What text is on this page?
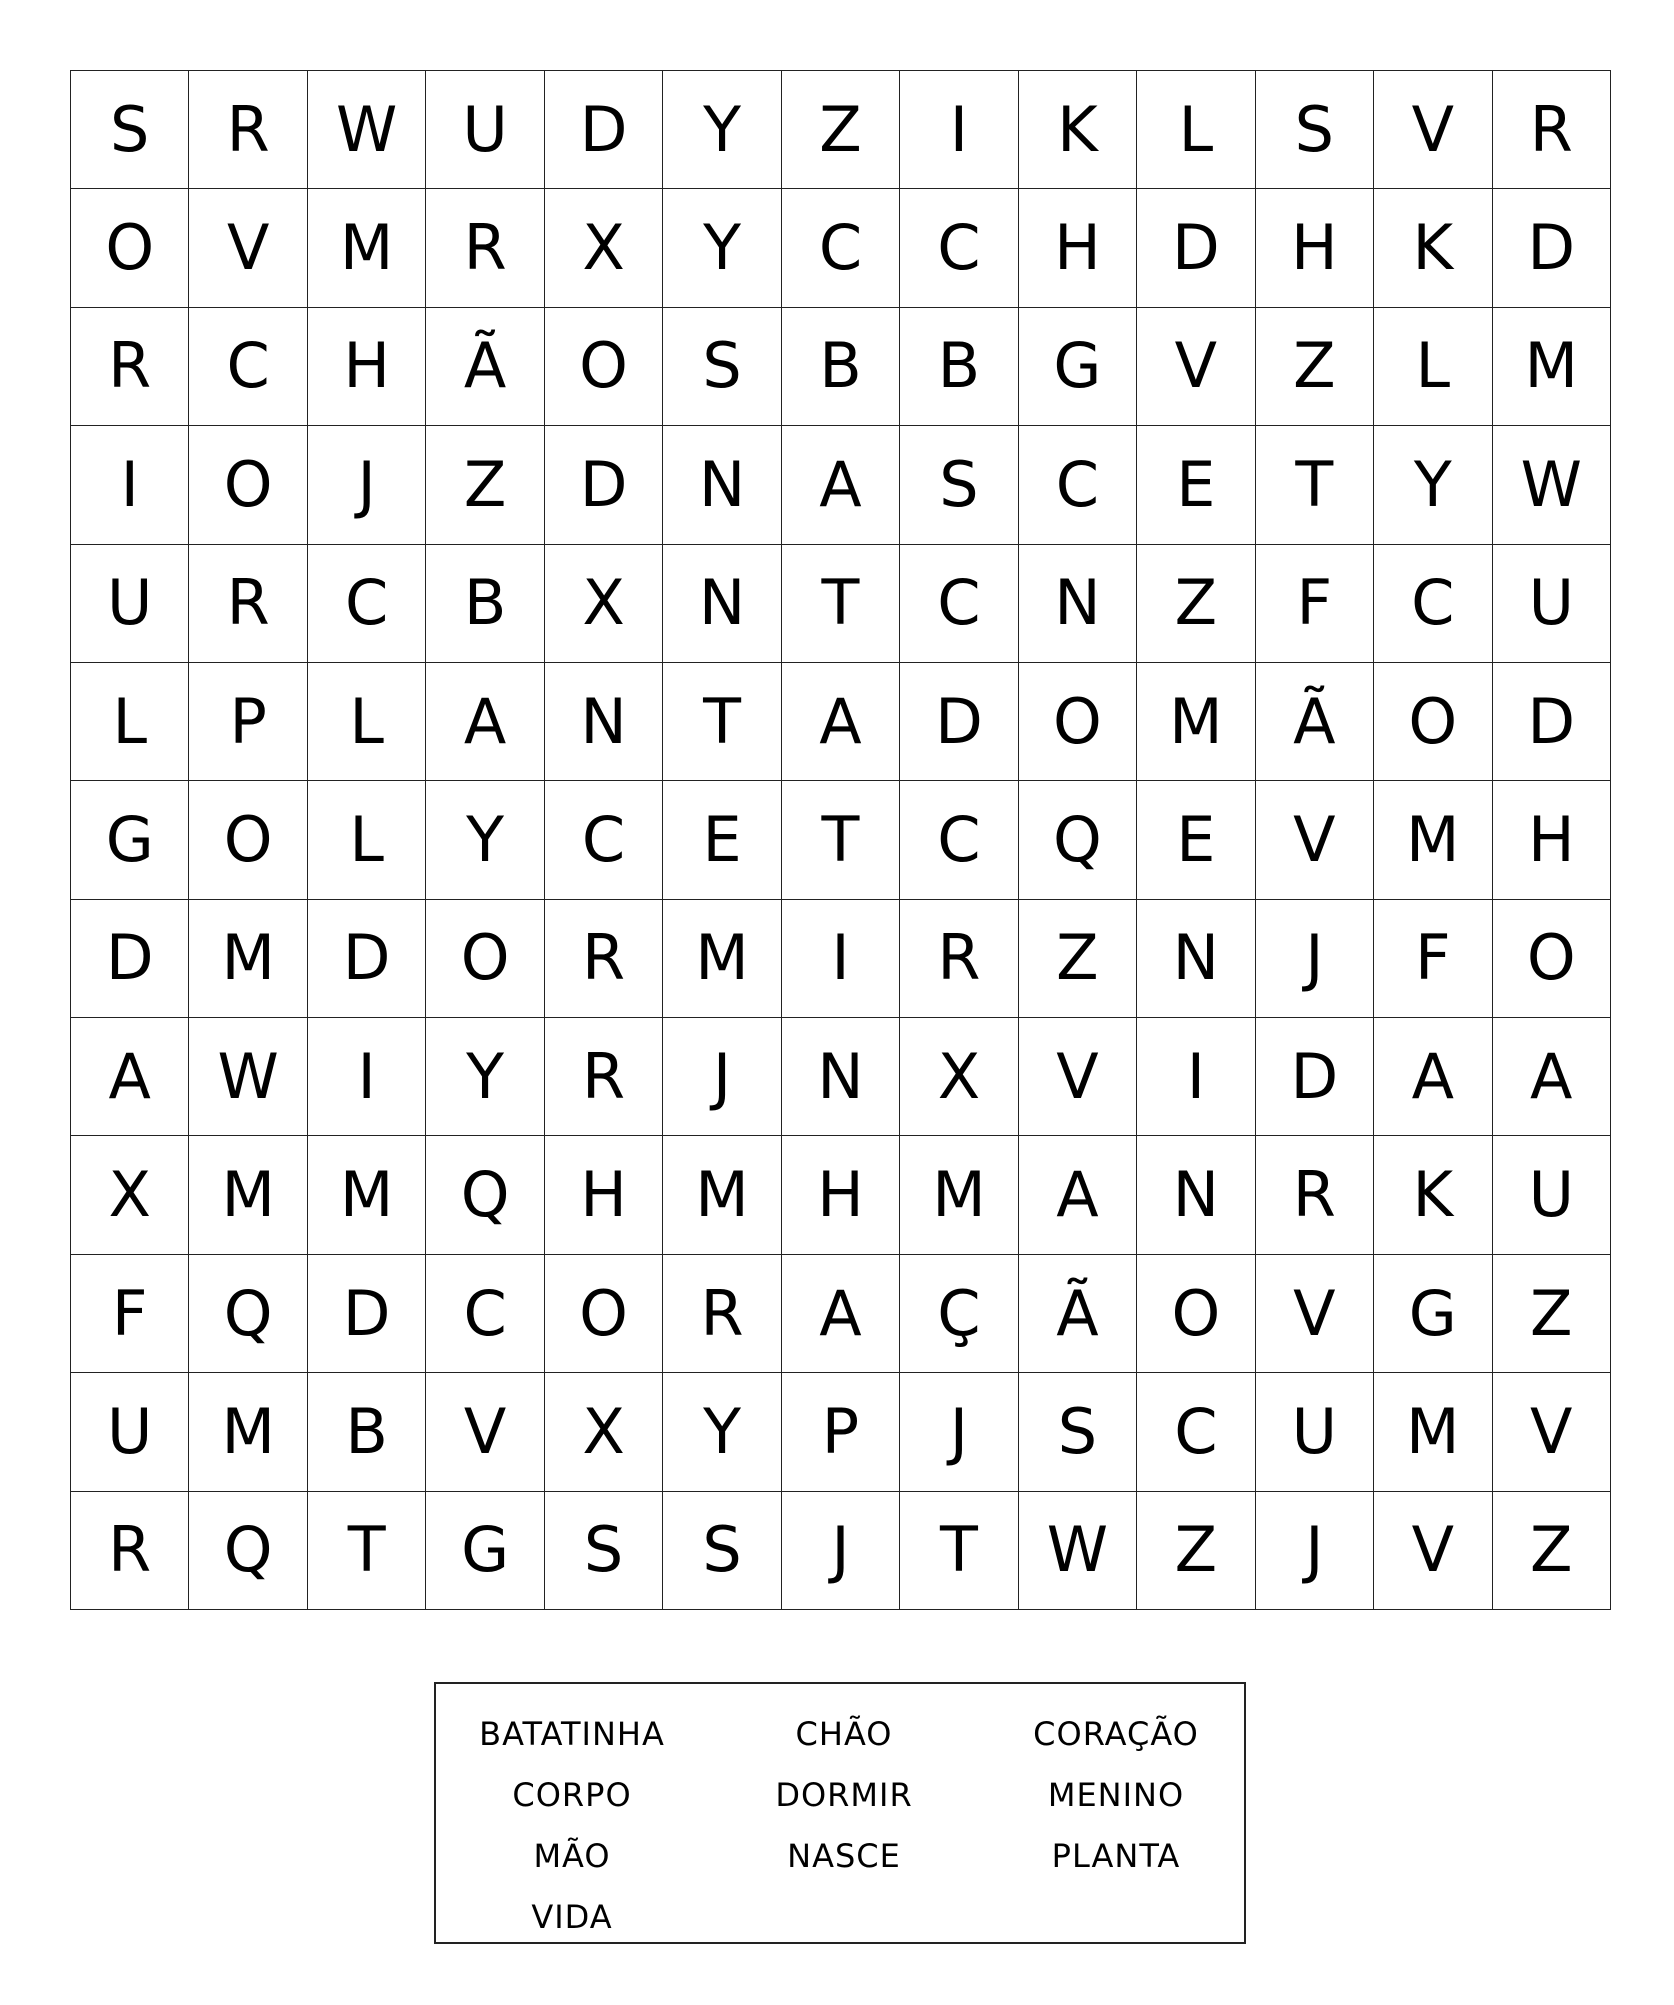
S	R	W	U	D	Y	Z	I	K	L	S	V	R
O	V	M	R	X	Y	C	C	H	D	H	K	D
R	C	H	Ã	O	S	B	B	G	V	Z	L	M
I	O	J	Z	D	N	A	S	C	E	T	Y	W
U	R	C	B	X	N	T	C	N	Z	F	C	U
L	P	L	A	N	T	A	D	O	M	Ã	O	D
G	O	L	Y	C	E	T	C	Q	E	V	M	H
D	M	D	O	R	M	I	R	Z	N	J	F	O
A	W	I	Y	R	J	N	X	V	I	D	A	A
X	M	M	Q	H	M	H	M	A	N	R	K	U
F	Q	D	C	O	R	A	Ç	Ã	O	V	G	Z
U	M	B	V	X	Y	P	J	S	C	U	M	V
R	Q	T	G	S	S	J	T	W	Z	J	V	Z
BATATINHA	CHÃO	CORAÇÃO
CORPO	DORMIR	MENINO
MÃO	NASCE	PLANTA
VIDA
